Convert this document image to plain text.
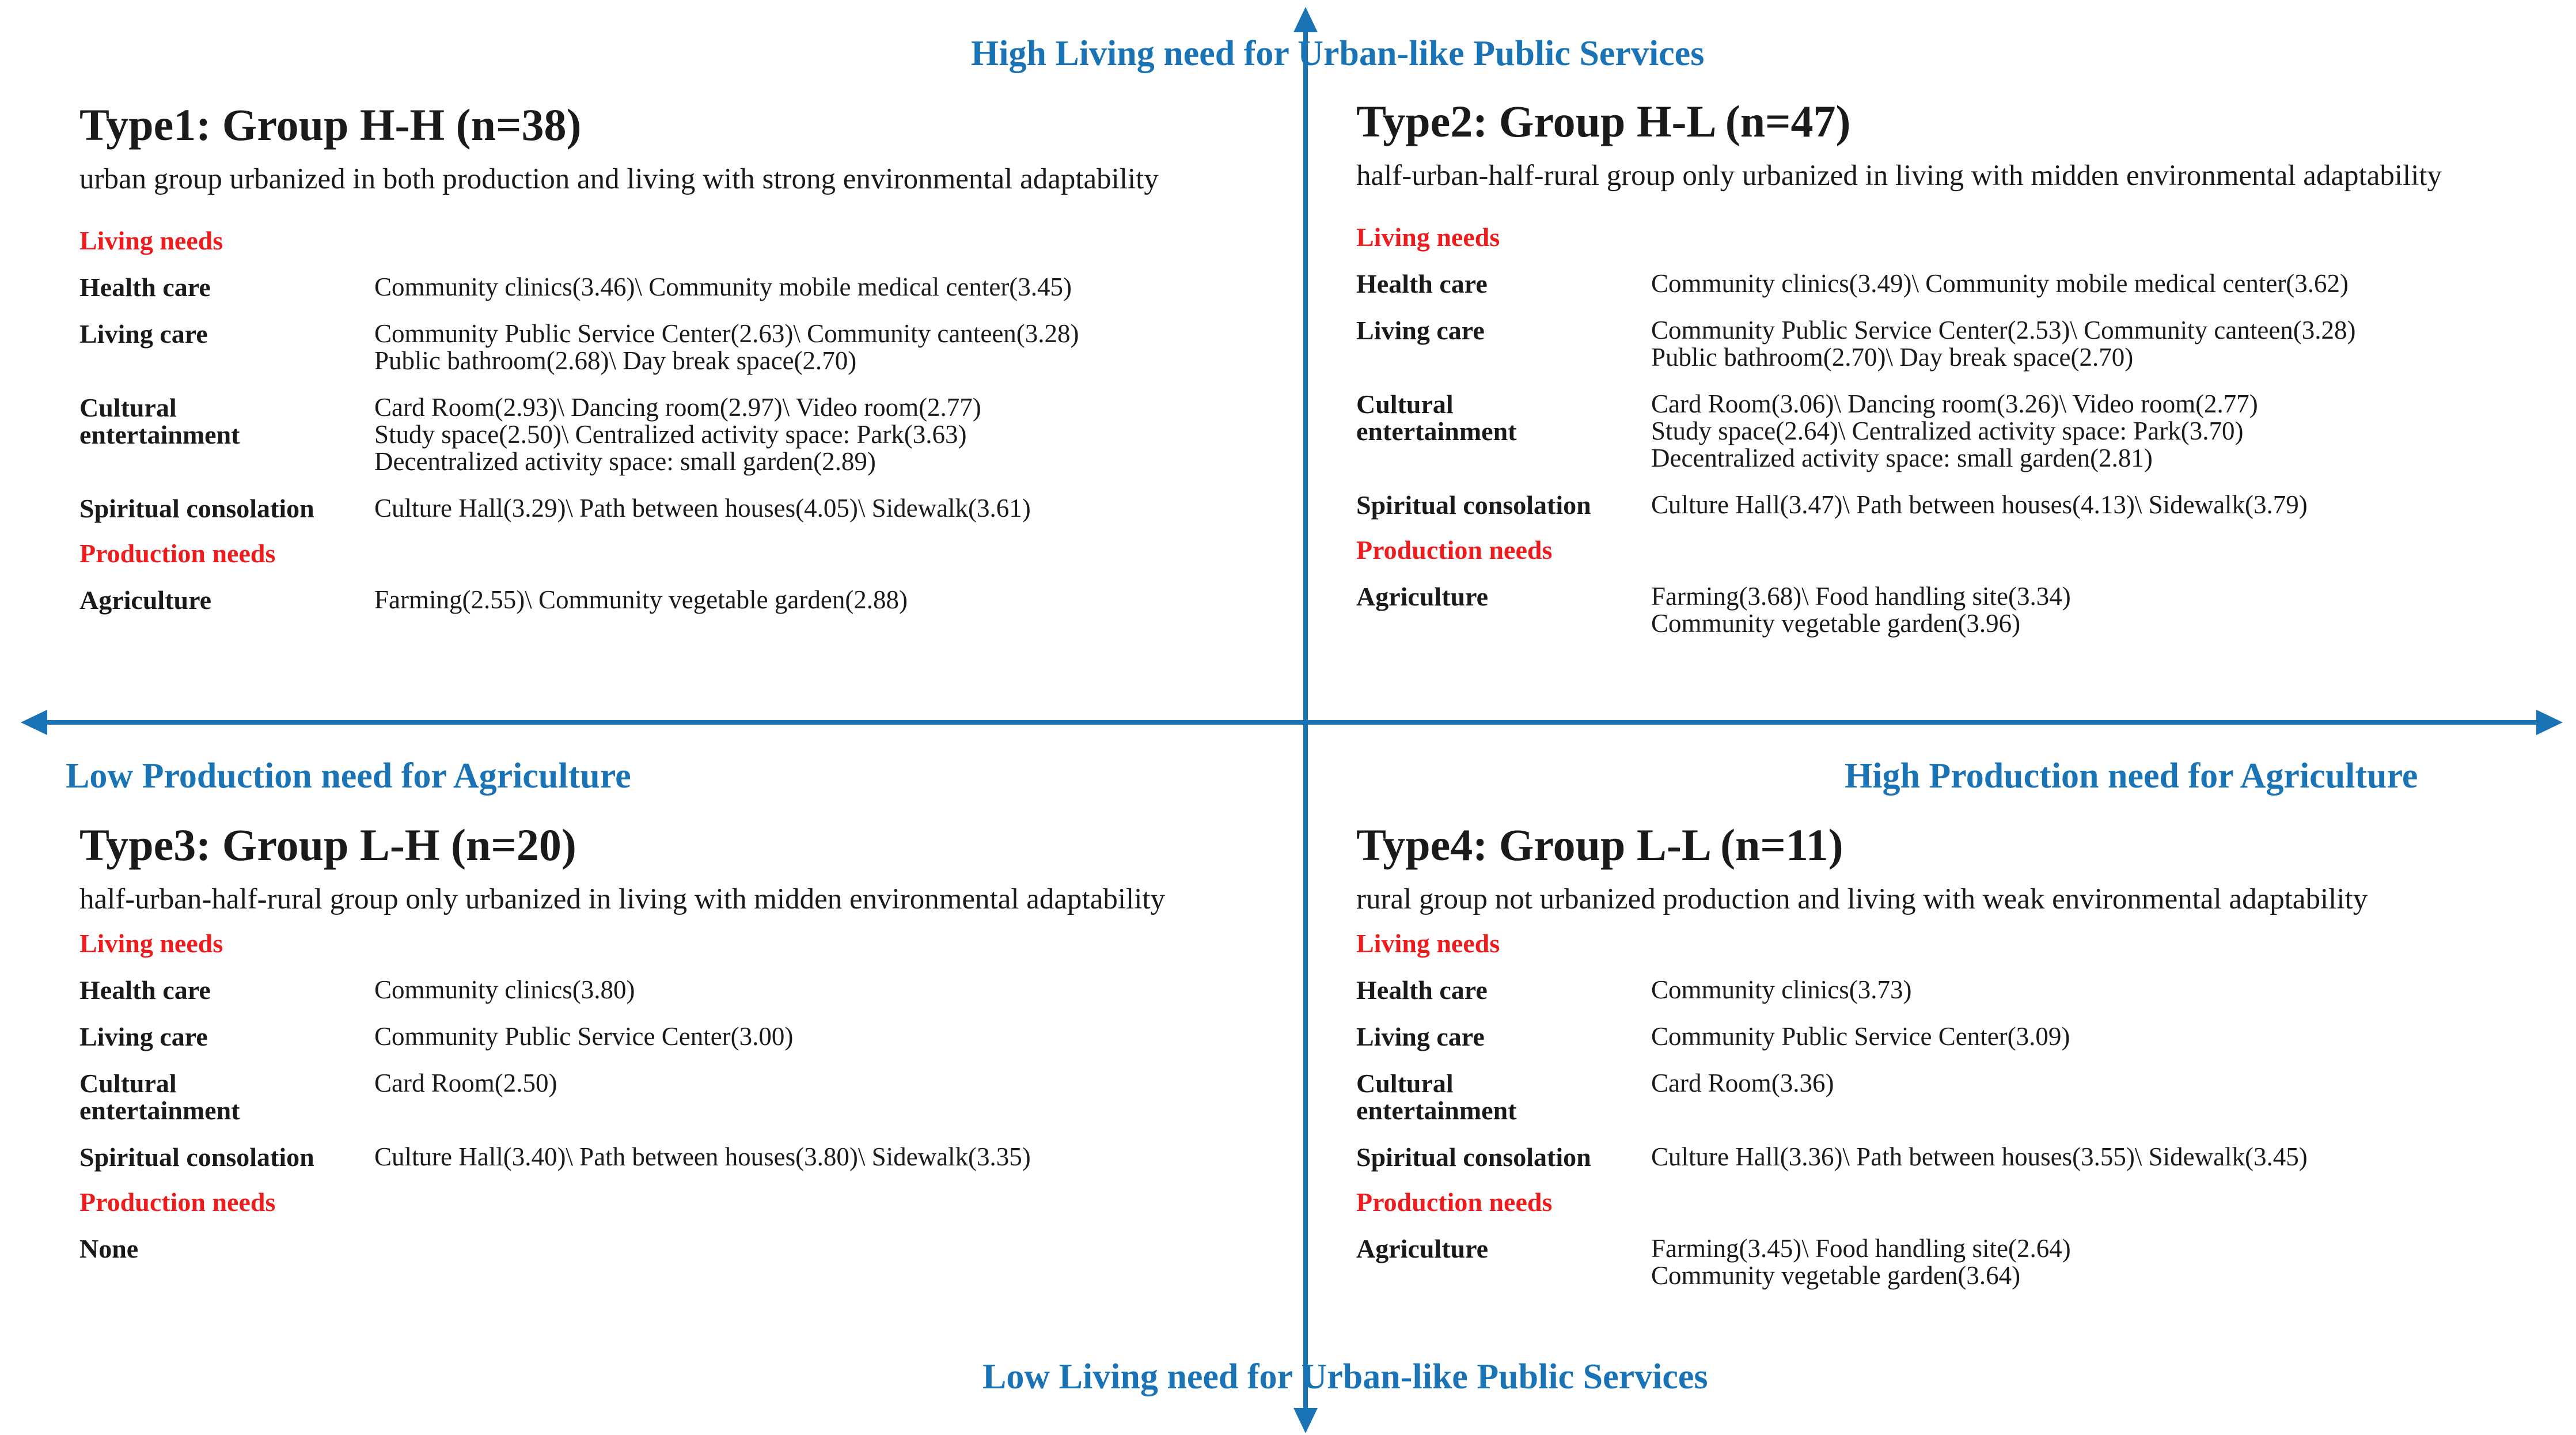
High Living need for Urban-like Public Services
Low Living need for Urban-like Public Services
Low Production need for Agriculture	High Production need for Agriculture
Type1: Group H-H (n=38)
urban group urbanized in both production and living with strong environmental adaptability
Living needs
Health care	Community clinics(3.46)\ Community mobile medical center(3.45)
Living care	Community Public Service Center(2.63)\ Community canteen(3.28)
Public bathroom(2.68)\ Day break space(2.70)
Cultural
entertainment
Card Room(2.93)\ Dancing room(2.97)\ Video room(2.77)
Study space(2.50)\ Centralized activity space: Park(3.63)
Decentralized activity space: small garden(2.89)
Spiritual consolation	Culture Hall(3.29)\ Path between houses(4.05)\ Sidewalk(3.61)
Production needs
Agriculture	Farming(2.55)\ Community vegetable garden(2.88)
Type2: Group H-L (n=47)
half-urban-half-rural group only urbanized in living with midden environmental adaptability
Living needs
Health care	Community clinics(3.49)\ Community mobile medical center(3.62)
Living care	Community Public Service Center(2.53)\ Community canteen(3.28)
Public bathroom(2.70)\ Day break space(2.70)
Cultural
entertainment
Card Room(3.06)\ Dancing room(3.26)\ Video room(2.77)
Study space(2.64)\ Centralized activity space: Park(3.70)
Decentralized activity space: small garden(2.81)
Spiritual consolation	Culture Hall(3.47)\ Path between houses(4.13)\ Sidewalk(3.79)
Production needs
Agriculture	Farming(3.68)\ Food handling site(3.34)
Community vegetable garden(3.96)
Type3: Group L-H (n=20)
half-urban-half-rural group only urbanized in living with midden environmental adaptability
Living needs
Health care	Community clinics(3.80)
Living care	Community Public Service Center(3.00)
Cultural
entertainment
Card Room(2.50)
Spiritual consolation	Culture Hall(3.40)\ Path between houses(3.80)\ Sidewalk(3.35)
Production needs
None
Type4: Group L-L (n=11)
rural group not urbanized production and living with weak environmental adaptability
Living needs
Health care	Community clinics(3.73)
Living care	Community Public Service Center(3.09)
Cultural
entertainment
Card Room(3.36)
Spiritual consolation	Culture Hall(3.36)\ Path between houses(3.55)\ Sidewalk(3.45)
Production needs
Agriculture	Farming(3.45)\ Food handling site(2.64)
Community vegetable garden(3.64)
